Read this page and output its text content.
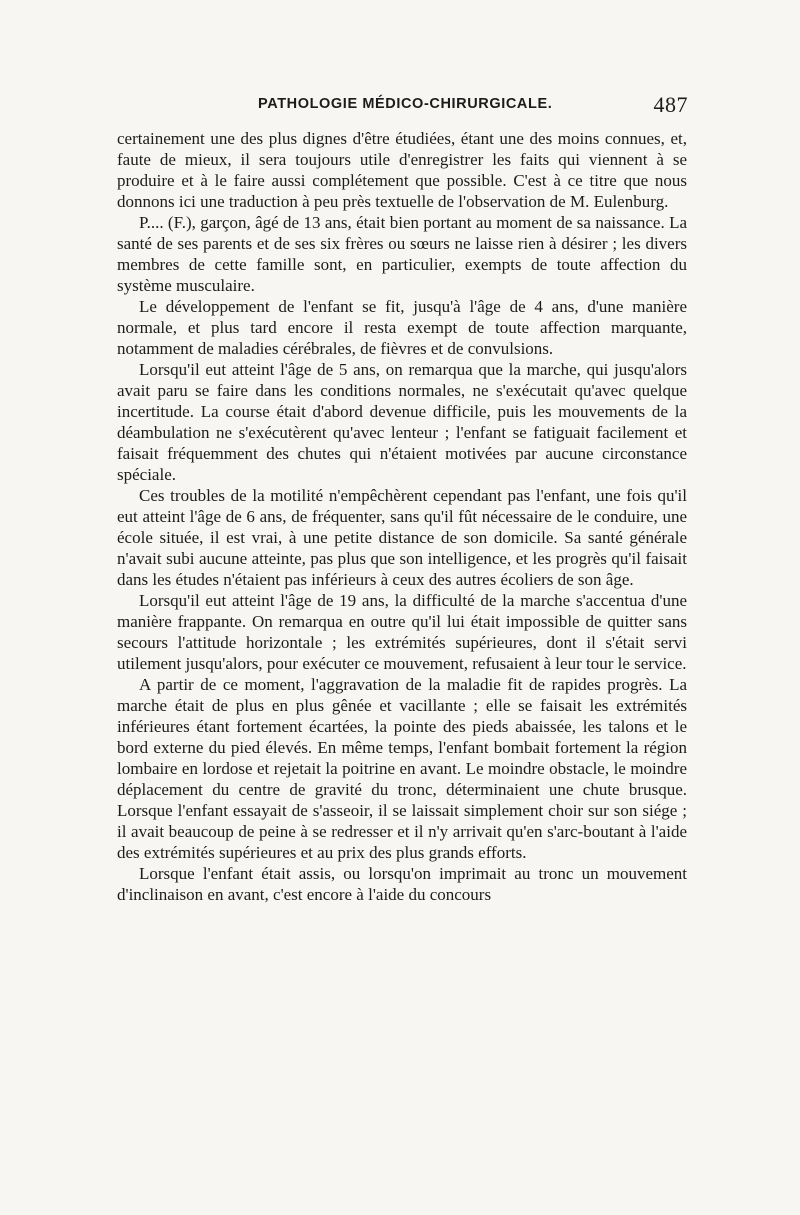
PATHOLOGIE MÉDICO-CHIRURGICALE.	487

certainement une des plus dignes d'être étudiées, étant une des moins connues, et, faute de mieux, il sera toujours utile d'enregistrer les faits qui viennent à se produire et à le faire aussi complétement que possible. C'est à ce titre que nous donnons ici une traduction à peu près textuelle de l'observation de M. Eulenburg.

P.... (F.), garçon, âgé de 13 ans, était bien portant au moment de sa naissance. La santé de ses parents et de ses six frères ou sœurs ne laisse rien à désirer ; les divers membres de cette famille sont, en particulier, exempts de toute affection du système musculaire.

Le développement de l'enfant se fit, jusqu'à l'âge de 4 ans, d'une manière normale, et plus tard encore il resta exempt de toute affection marquante, notamment de maladies cérébrales, de fièvres et de convulsions.

Lorsqu'il eut atteint l'âge de 5 ans, on remarqua que la marche, qui jusqu'alors avait paru se faire dans les conditions normales, ne s'exécutait qu'avec quelque incertitude. La course était d'abord devenue difficile, puis les mouvements de la déambulation ne s'exécutèrent qu'avec lenteur ; l'enfant se fatiguait facilement et faisait fréquemment des chutes qui n'étaient motivées par aucune circonstance spéciale.

Ces troubles de la motilité n'empêchèrent cependant pas l'enfant, une fois qu'il eut atteint l'âge de 6 ans, de fréquenter, sans qu'il fût nécessaire de le conduire, une école située, il est vrai, à une petite distance de son domicile. Sa santé générale n'avait subi aucune atteinte, pas plus que son intelligence, et les progrès qu'il faisait dans les études n'étaient pas inférieurs à ceux des autres écoliers de son âge.

Lorsqu'il eut atteint l'âge de 19 ans, la difficulté de la marche s'accentua d'une manière frappante. On remarqua en outre qu'il lui était impossible de quitter sans secours l'attitude horizontale ; les extrémités supérieures, dont il s'était servi utilement jusqu'alors, pour exécuter ce mouvement, refusaient à leur tour le service.

A partir de ce moment, l'aggravation de la maladie fit de rapides progrès. La marche était de plus en plus gênée et vacillante ; elle se faisait les extrémités inférieures étant fortement écartées, la pointe des pieds abaissée, les talons et le bord externe du pied élevés. En même temps, l'enfant bombait fortement la région lombaire en lordose et rejetait la poitrine en avant. Le moindre obstacle, le moindre déplacement du centre de gravité du tronc, déterminaient une chute brusque. Lorsque l'enfant essayait de s'asseoir, il se laissait simplement choir sur son siége ; il avait beaucoup de peine à se redresser et il n'y arrivait qu'en s'arc-boutant à l'aide des extrémités supérieures et au prix des plus grands efforts.

Lorsque l'enfant était assis, ou lorsqu'on imprimait au tronc un mouvement d'inclinaison en avant, c'est encore à l'aide du concours
